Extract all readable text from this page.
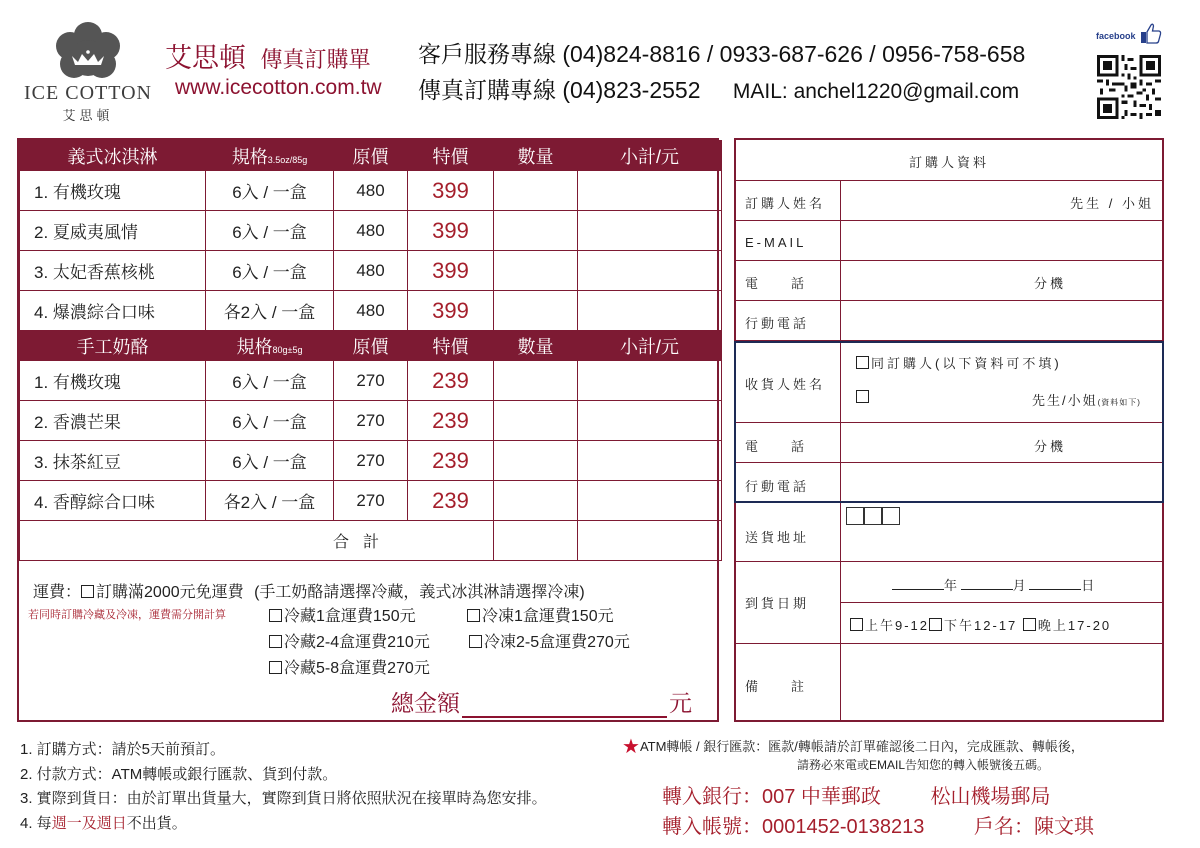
ICE COTTON
艾思頓
艾思頓 傳真訂購單
www.icecotton.com.tw
客戶服務專線 (04)824-8816 / 0933-687-626 / 0956-758-658
傳真訂購專線 (04)823-2552 MAIL: anchel1220@gmail.com
facebook
義式冰淇淋	規格3.5oz/85g	原價	特價	數量	小計/元
1. 有機玫瑰	6入 / 一盒	480	399		
2. 夏威夷風情	6入 / 一盒	480	399		
3. 太妃香蕉核桃	6入 / 一盒	480	399		
4. 爆濃綜合口味	各2入 / 一盒	480	399		
手工奶酪	規格80g±5g	原價	特價	數量	小計/元
1. 有機玫瑰	6入 / 一盒	270	239		
2. 香濃芒果	6入 / 一盒	270	239		
3. 抹茶紅豆	6入 / 一盒	270	239		
4. 香醇綜合口味	各2入 / 一盒	270	239		
合計					
運費： 訂購滿2000元免運費 (手工奶酪請選擇冷藏，義式冰淇淋請選擇冷凍)
若同時訂購冷藏及冷凍，運費需分開計算	冷藏1盒運費150元	冷凍1盒運費150元
冷藏2-4盒運費210元	冷凍2-5盒運費270元
冷藏5-8盒運費270元
總金額	元
訂購人資料
訂購人姓名	先生 / 小姐
E-MAIL
電　話	分機
行動電話
收貨人姓名
同訂購人(以下資料可不填)
先生/小姐(資料如下)
電　話	分機
行動電話
送貨地址
到貨日期
年	月	日
上午9-12 下午12-17 晚上17-20
備　註
1. 訂購方式：請於5天前預訂。
2. 付款方式：ATM轉帳或銀行匯款、貨到付款。
3. 實際到貨日：由於訂單出貨量大，實際到貨日將依照狀況在接單時為您安排。
4. 每週一及週日不出貨。
★ATM轉帳 / 銀行匯款：匯款/轉帳請於訂單確認後二日內，完成匯款、轉帳後，
請務必來電或EMAIL告知您的轉入帳號後五碼。
轉入銀行：007 中華郵政 松山機場郵局
轉入帳號：0001452-0138213 戶名：陳文琪
